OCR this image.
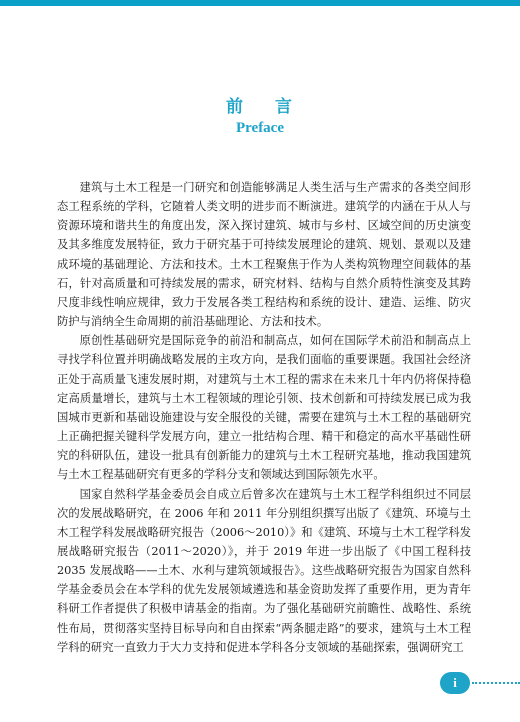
前 言
Preface

建筑与土木工程是一门研究和创造能够满足人类生活与生产需求的各类空间形态工程系统的学科，它随着人类文明的进步而不断演进。建筑学的内涵在于从人与资源环境和谐共生的角度出发，深入探讨建筑、城市与乡村、区域空间的历史演变及其多维度发展特征，致力于研究基于可持续发展理论的建筑、规划、景观以及建成环境的基础理论、方法和技术。土木工程聚焦于作为人类构筑物理空间载体的基石，针对高质量和可持续发展的需求，研究材料、结构与自然介质特性演变及其跨尺度非线性响应规律，致力于发展各类工程结构和系统的设计、建造、运维、防灾防护与消纳全生命周期的前沿基础理论、方法和技术。

原创性基础研究是国际竞争的前沿和制高点，如何在国际学术前沿和制高点上寻找学科位置并明确战略发展的主攻方向，是我们面临的重要课题。我国社会经济正处于高质量飞速发展时期，对建筑与土木工程的需求在未来几十年内仍将保持稳定高质量增长，建筑与土木工程领域的理论引领、技术创新和可持续发展已成为我国城市更新和基础设施建设与安全服役的关键，需要在建筑与土木工程的基础研究上正确把握关键科学发展方向，建立一批结构合理、精干和稳定的高水平基础性研究的科研队伍，建设一批具有创新能力的建筑与土木工程研究基地，推动我国建筑与土木工程基础研究有更多的学科分支和领域达到国际领先水平。

国家自然科学基金委员会自成立后曾多次在建筑与土木工程学科组织过不同层次的发展战略研究，在 2006 年和 2011 年分别组织撰写出版了《建筑、环境与土木工程学科发展战略研究报告（2006～2010）》和《建筑、环境与土木工程学科发展战略研究报告（2011～2020）》，并于 2019 年进一步出版了《中国工程科技 2035 发展战略——土木、水利与建筑领域报告》。这些战略研究报告为国家自然科学基金委员会在本学科的优先发展领域遴选和基金资助发挥了重要作用，更为青年科研工作者提供了积极申请基金的指南。为了强化基础研究前瞻性、战略性、系统性布局，贯彻落实坚持目标导向和自由探索“两条腿走路”的要求，建筑与土木工程学科的研究一直致力于大力支持和促进本学科各分支领域的基础探索，强调研究工

i
